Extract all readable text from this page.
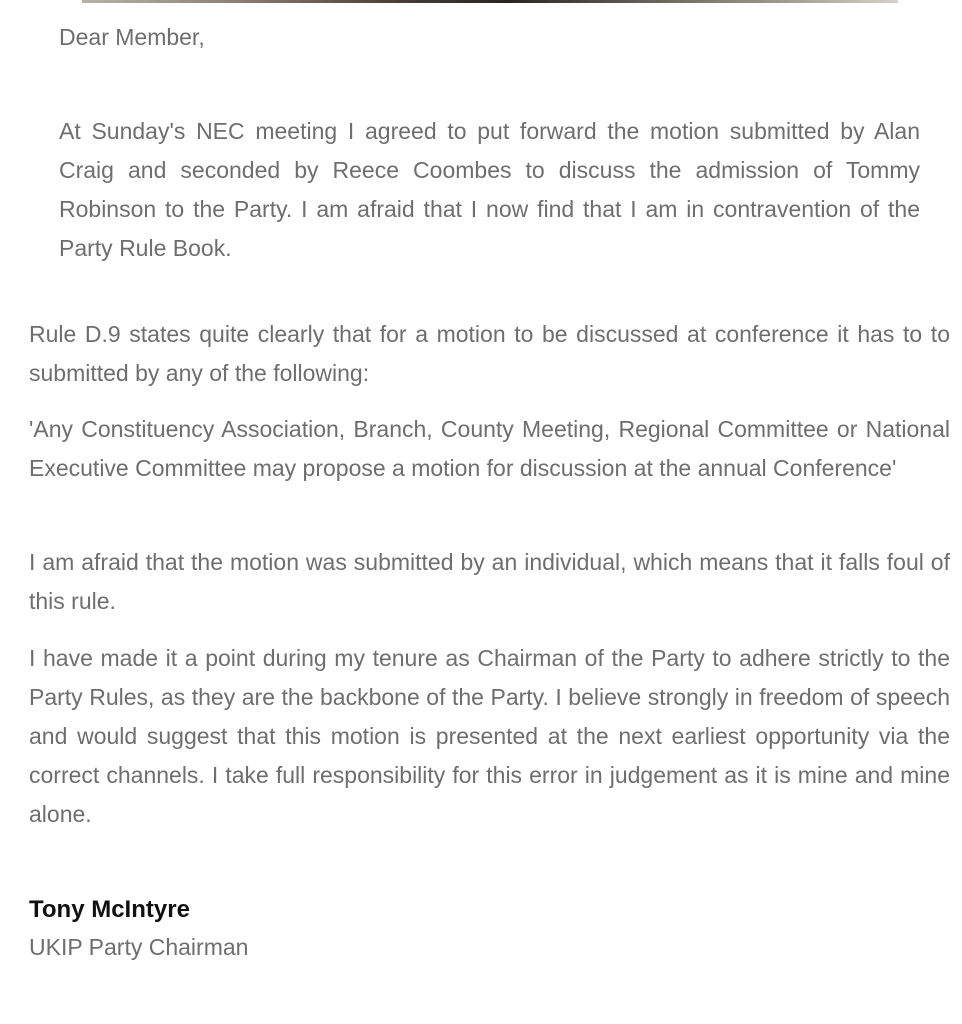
Dear Member,

At Sunday's NEC meeting I agreed to put forward the motion submitted by Alan Craig and seconded by Reece Coombes to discuss the admission of Tommy Robinson to the Party. I am afraid that I now find that I am in contravention of the Party Rule Book.

Rule D.9 states quite clearly that for a motion to be discussed at conference it has to to submitted by any of the following:

'Any Constituency Association, Branch, County Meeting, Regional Committee or National Executive Committee may propose a motion for discussion at the annual Conference'

I am afraid that the motion was submitted by an individual, which means that it falls foul of this rule.

I have made it a point during my tenure as Chairman of the Party to adhere strictly to the Party Rules, as they are the backbone of the Party. I believe strongly in freedom of speech and would suggest that this motion is presented at the next earliest opportunity via the correct channels. I take full responsibility for this error in judgement as it is mine and mine alone.

Tony McIntyre

UKIP Party Chairman
